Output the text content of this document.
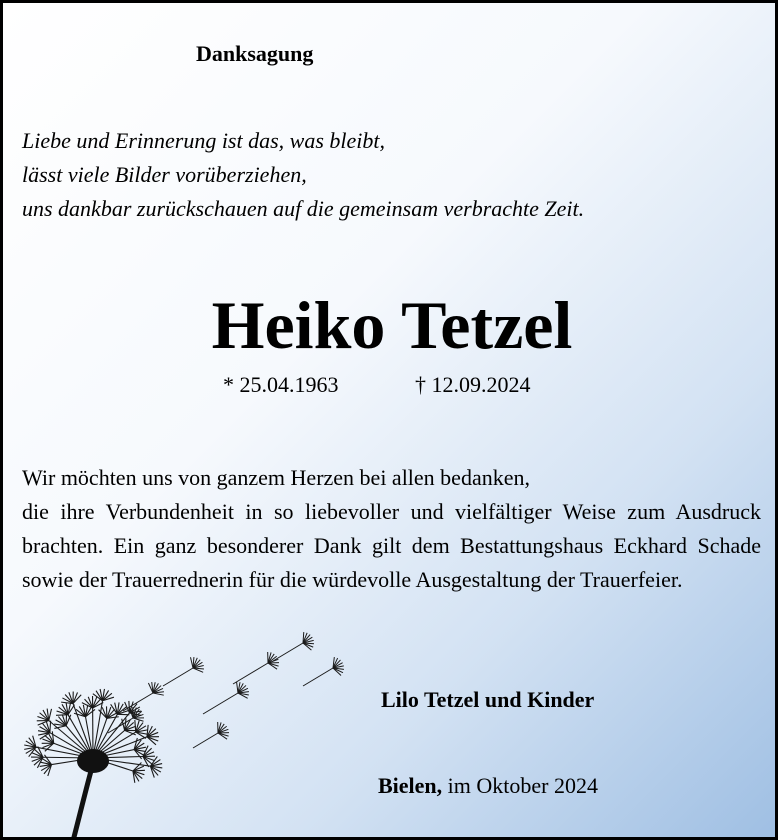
Danksagung
Liebe und Erinnerung ist das, was bleibt,
lässt viele Bilder vorüberziehen,
uns dankbar zurückschauen auf die gemeinsam verbrachte Zeit.
Heiko Tetzel
* 25.04.1963	† 12.09.2024

Wir möchten uns von ganzem Herzen bei allen bedanken,

die ihre Verbundenheit in so liebevoller und vielfältiger Weise zum Ausdruck brachten. Ein ganz besonderer Dank gilt dem Bestattungshaus Eckhard Schade sowie der Trauerrednerin für die würdevolle Ausgestaltung der Trauerfeier.

Lilo Tetzel und Kinder
Bielen, im Oktober 2024
